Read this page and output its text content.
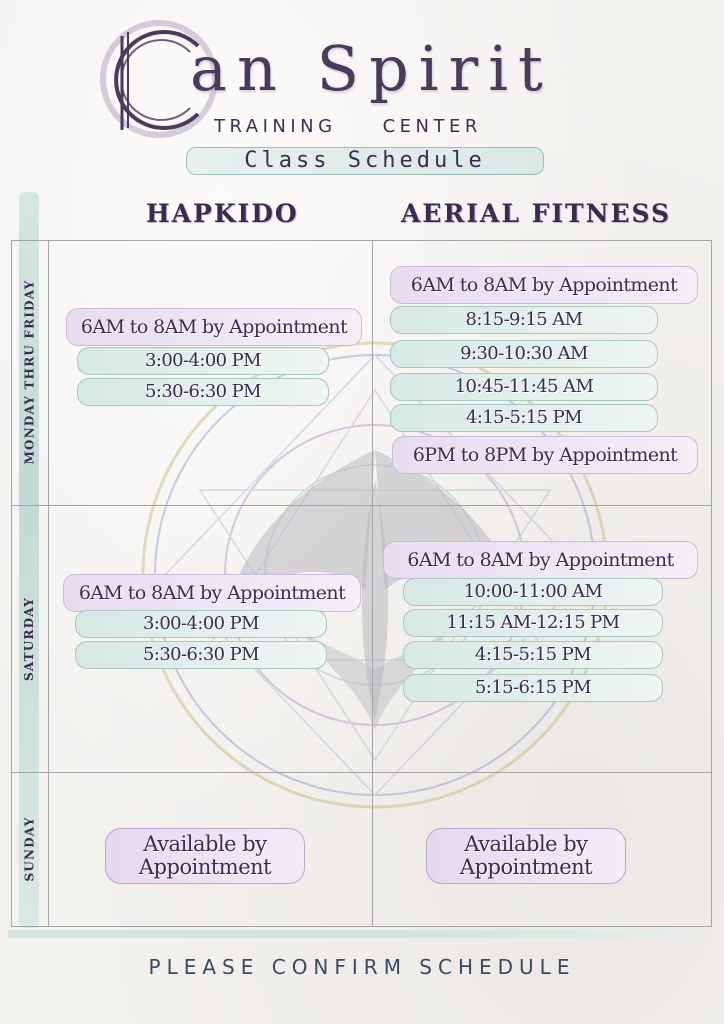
an Spirit
TRAINING	CENTER
Class Schedule
HAPKIDO	AERIAL FITNESS
MONDAY THRU FRIDAY
SATURDAY
SUNDAY
6AM to 8AM by Appointment
3:00-4:00 PM
5:30-6:30 PM
6AM to 8AM by Appointment
8:15-9:15 AM
9:30-10:30 AM
10:45-11:45 AM
4:15-5:15 PM
6PM to 8PM by Appointment
6AM to 8AM by Appointment
3:00-4:00 PM
5:30-6:30 PM
6AM to 8AM by Appointment
10:00-11:00 AM
11:15 AM-12:15 PM
4:15-5:15 PM
5:15-6:15 PM
Available by
Appointment
Available by
Appointment
PLEASE CONFIRM SCHEDULE
